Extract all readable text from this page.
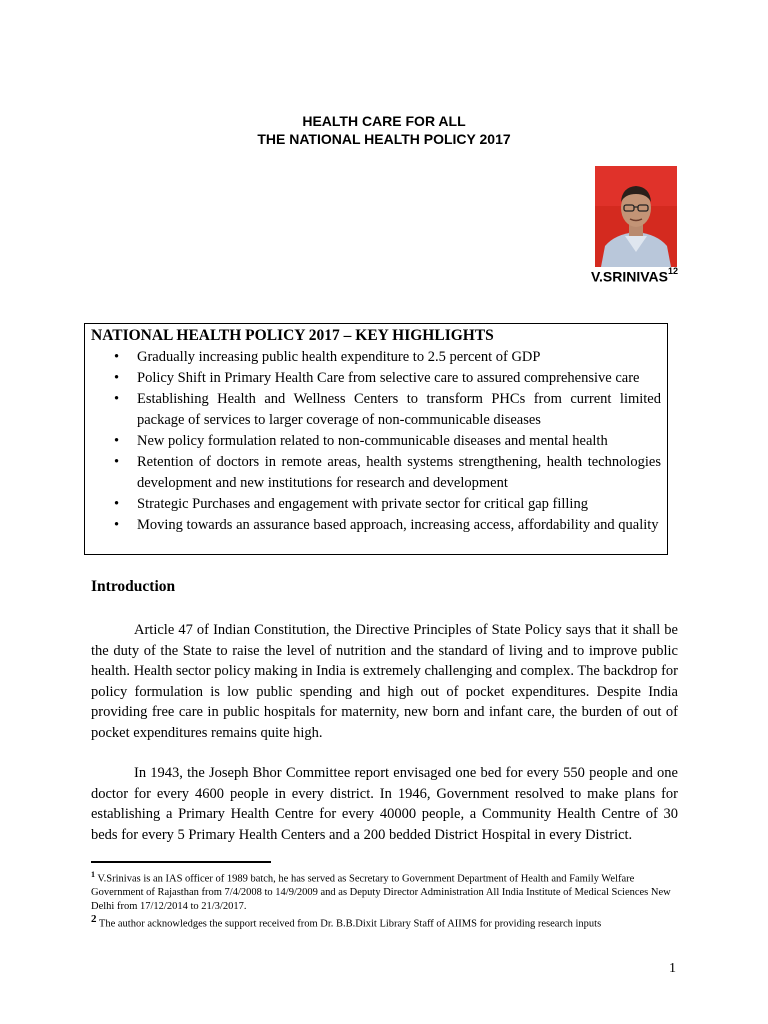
HEALTH CARE FOR ALL
THE NATIONAL HEALTH POLICY 2017
V.SRINIVAS$^{12}$
NATIONAL HEALTH POLICY 2017 – KEY HIGHLIGHTS
• Gradually increasing public health expenditure to 2.5 percent of GDP
• Policy Shift in Primary Health Care from selective care to assured comprehensive care
• Establishing Health and Wellness Centers to transform PHCs from current limited package of services to larger coverage of non-communicable diseases
• New policy formulation related to non-communicable diseases and mental health
• Retention of doctors in remote areas, health systems strengthening, health technologies development and new institutions for research and development
• Strategic Purchases and engagement with private sector for critical gap filling
• Moving towards an assurance based approach, increasing access, affordability and quality
Introduction

Article 47 of Indian Constitution, the Directive Principles of State Policy says that it shall be the duty of the State to raise the level of nutrition and the standard of living and to improve public health. Health sector policy making in India is extremely challenging and complex. The backdrop for policy formulation is low public spending and high out of pocket expenditures. Despite India providing free care in public hospitals for maternity, new born and infant care, the burden of out of pocket expenditures remains quite high.

In 1943, the Joseph Bhor Committee report envisaged one bed for every 550 people and one doctor for every 4600 people in every district. In 1946, Government resolved to make plans for establishing a Primary Health Centre for every 40000 people, a Community Health Centre of 30 beds for every 5 Primary Health Centers and a 200 bedded District Hospital in every District.

$^1$ V.Srinivas is an IAS officer of 1989 batch, he has served as Secretary to Government Department of Health and Family Welfare Government of Rajasthan from 7/4/2008 to 14/9/2009 and as Deputy Director Administration All India Institute of Medical Sciences New Delhi from 17/12/2014 to 21/3/2017.

$^2$ The author acknowledges the support received from Dr. B.B.Dixit Library Staff of AIIMS for providing research inputs

1
